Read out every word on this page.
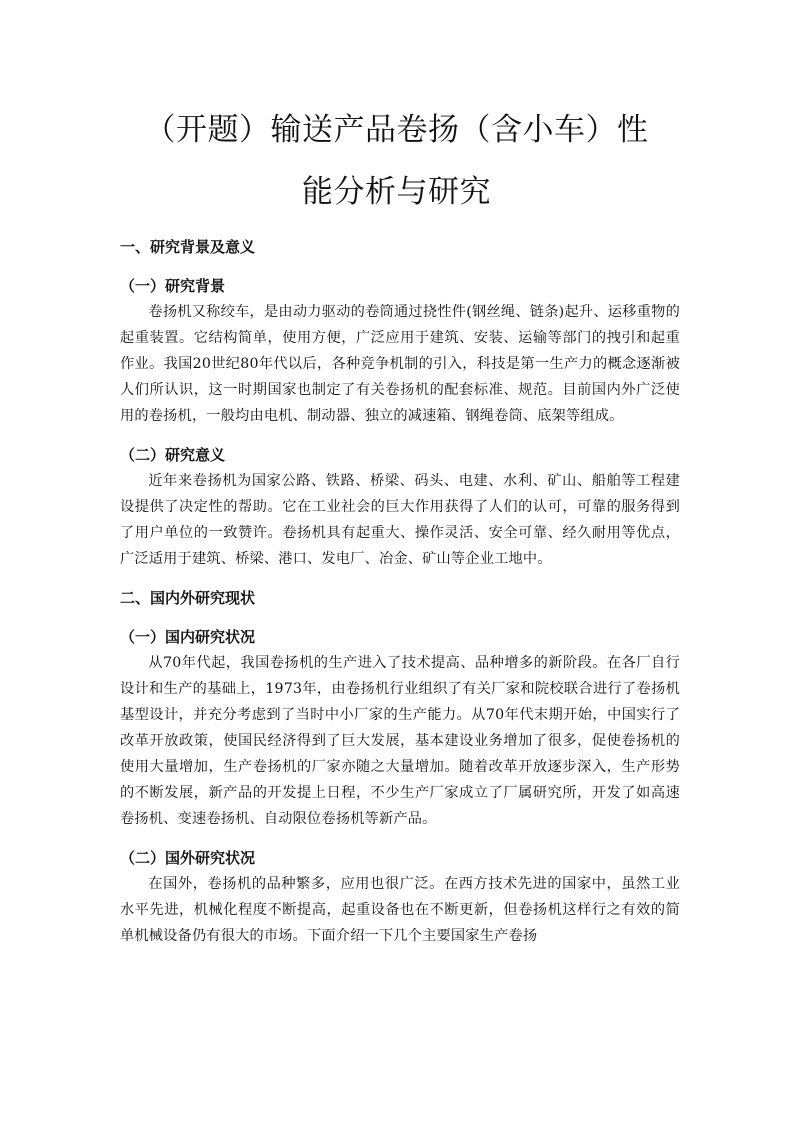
（开题）输送产品卷扬（含小车）性
能分析与研究
一、研究背景及意义
（一）研究背景

卷扬机又称绞车，是由动力驱动的卷筒通过挠性件(钢丝绳、链条)起升、运移重物的起重装置。它结构简单，使用方便，广泛应用于建筑、安装、运输等部门的拽引和起重作业。我国20世纪80年代以后，各种竞争机制的引入，科技是第一生产力的概念逐渐被人们所认识，这一时期国家也制定了有关卷扬机的配套标准、规范。目前国内外广泛使用的卷扬机，一般均由电机、制动器、独立的减速箱、钢绳卷筒、底架等组成。

（二）研究意义

近年来卷扬机为国家公路、铁路、桥梁、码头、电建、水利、矿山、船舶等工程建设提供了决定性的帮助。它在工业社会的巨大作用获得了人们的认可，可靠的服务得到了用户单位的一致赞许。卷扬机具有起重大、操作灵活、安全可靠、经久耐用等优点，广泛适用于建筑、桥梁、港口、发电厂、冶金、矿山等企业工地中。

二、国内外研究现状
（一）国内研究状况

从70年代起，我国卷扬机的生产进入了技术提高、品种增多的新阶段。在各厂自行设计和生产的基础上，1973年，由卷扬机行业组织了有关厂家和院校联合进行了卷扬机基型设计，并充分考虑到了当时中小厂家的生产能力。从70年代末期开始，中国实行了改革开放政策，使国民经济得到了巨大发展，基本建设业务增加了很多，促使卷扬机的使用大量增加，生产卷扬机的厂家亦随之大量增加。随着改革开放逐步深入，生产形势的不断发展，新产品的开发提上日程，不少生产厂家成立了厂属研究所，开发了如高速卷扬机、变速卷扬机、自动限位卷扬机等新产品。

（二）国外研究状况

在国外，卷扬机的品种繁多，应用也很广泛。在西方技术先进的国家中，虽然工业水平先进，机械化程度不断提高，起重设备也在不断更新，但卷扬机这样行之有效的简单机械设备仍有很大的市场。下面介绍一下几个主要国家生产卷扬
